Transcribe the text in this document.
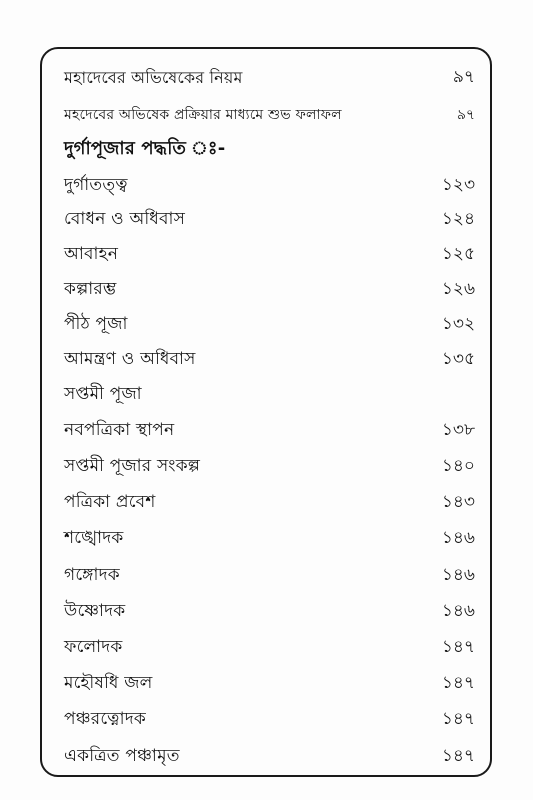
মহাদেবের অভিষেকের নিয়ম	৯৭
মহদেবের অভিষেক প্রক্রিয়ার মাধ্যমে শুভ ফলাফল	৯৭
দুর্গাপূজার পদ্ধতি ঃ-
দুর্গাতত্ত্ব	১২৩
বোধন ও অধিবাস	১২৪
আবাহন	১২৫
কল্পারম্ভ	১২৬
পীঠ পূজা	১৩২
আমন্ত্রণ ও অধিবাস	১৩৫
সপ্তমী পূজা
নবপত্রিকা স্থাপন	১৩৮
সপ্তমী পূজার সংকল্প	১৪০
পত্রিকা প্রবেশ	১৪৩
শঙ্খোদক	১৪৬
গঙ্গোদক	১৪৬
উষ্ণোদক	১৪৬
ফলোদক	১৪৭
মহৌষধি জল	১৪৭
পঞ্চরত্নোদক	১৪৭
একত্রিত পঞ্চামৃত	১৪৭
